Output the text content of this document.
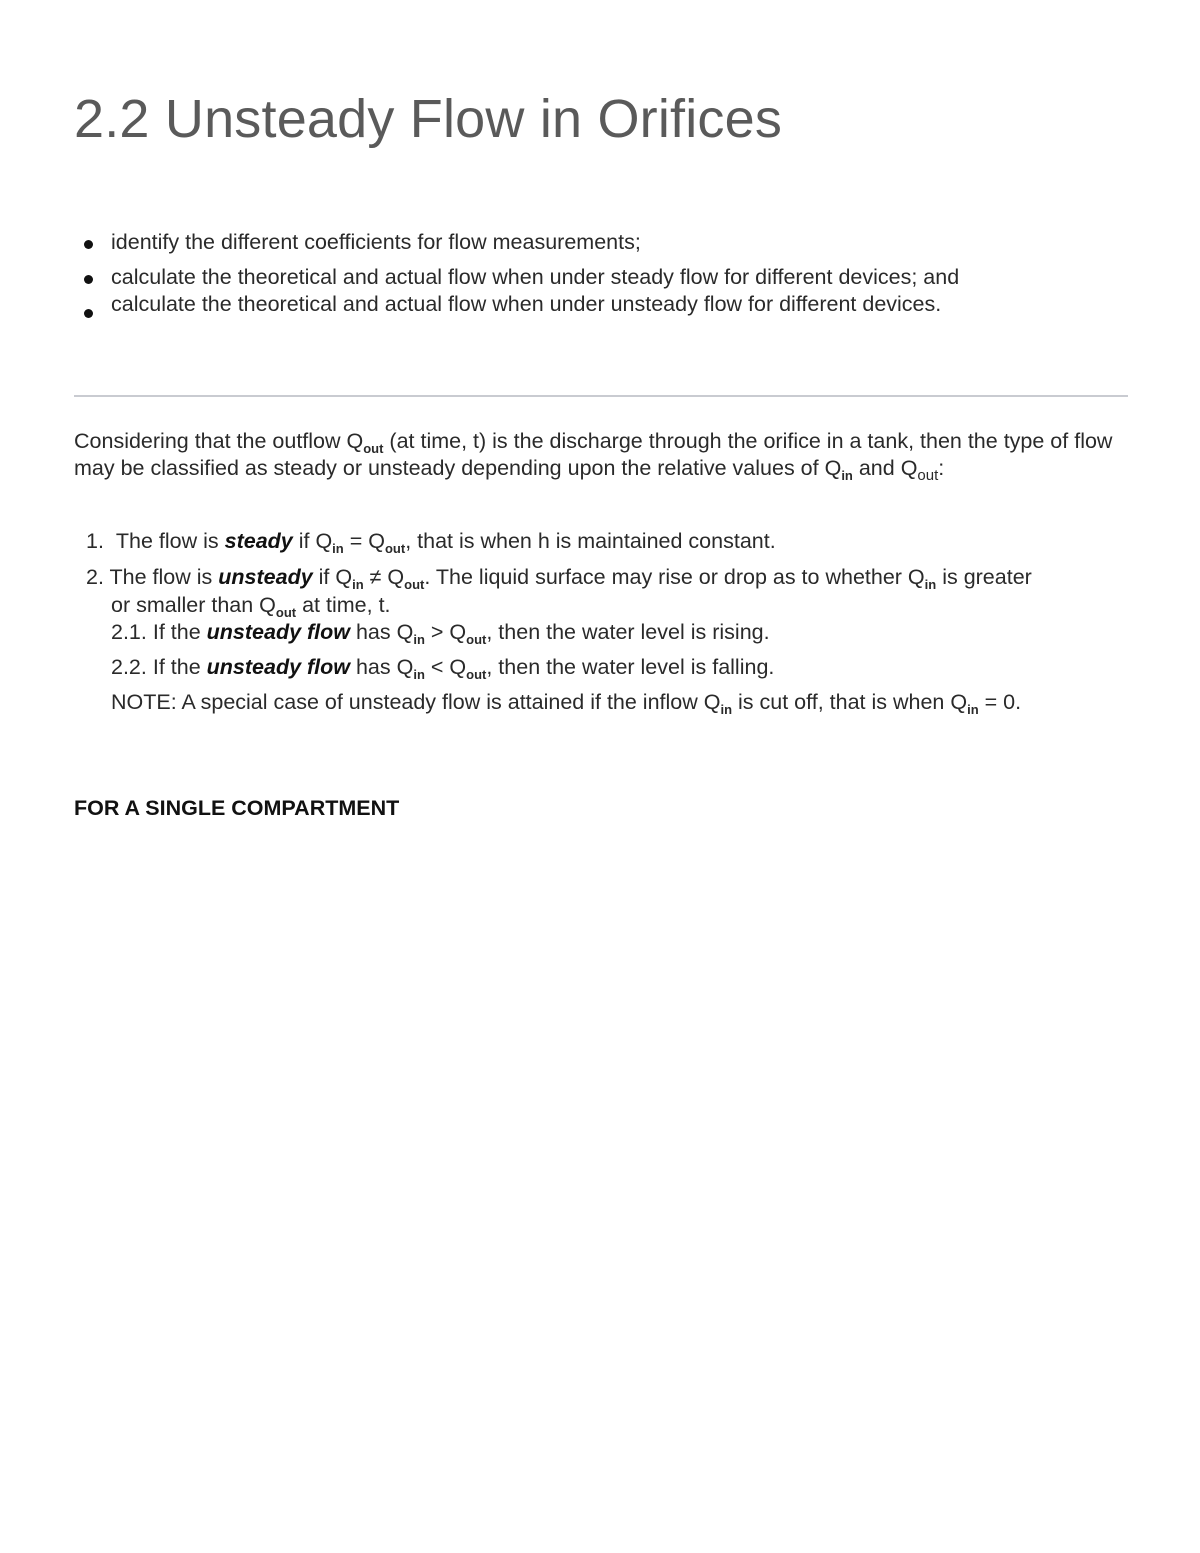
2.2 Unsteady Flow in Orifices
identify the different coefficients for flow measurements;
calculate the theoretical and actual flow when under steady flow for different devices; and
calculate the theoretical and actual flow when under unsteady flow for different devices.
Considering that the outflow $Q_{out}$ (at time, t) is the discharge through the orifice in a tank, then the type of flow may be classified as steady or unsteady depending upon the relative values of $Q_{in}$ and $Q_{out}$:
1. The flow is steady if $Q_{in} = Q_{out}$, that is when h is maintained constant.
2. The flow is unsteady if $Q_{in} \ne Q_{out}$. The liquid surface may rise or drop as to whether $Q_{in}$ is greater
or smaller than $Q_{out}$ at time, t.
2.1. If the unsteady flow has $Q_{in} > Q_{out}$, then the water level is rising.
2.2. If the unsteady flow has $Q_{in} < Q_{out}$, then the water level is falling.
NOTE: A special case of unsteady flow is attained if the inflow $Q_{in}$ is cut off, that is when $Q_{in} = 0$.
FOR A SINGLE COMPARTMENT
